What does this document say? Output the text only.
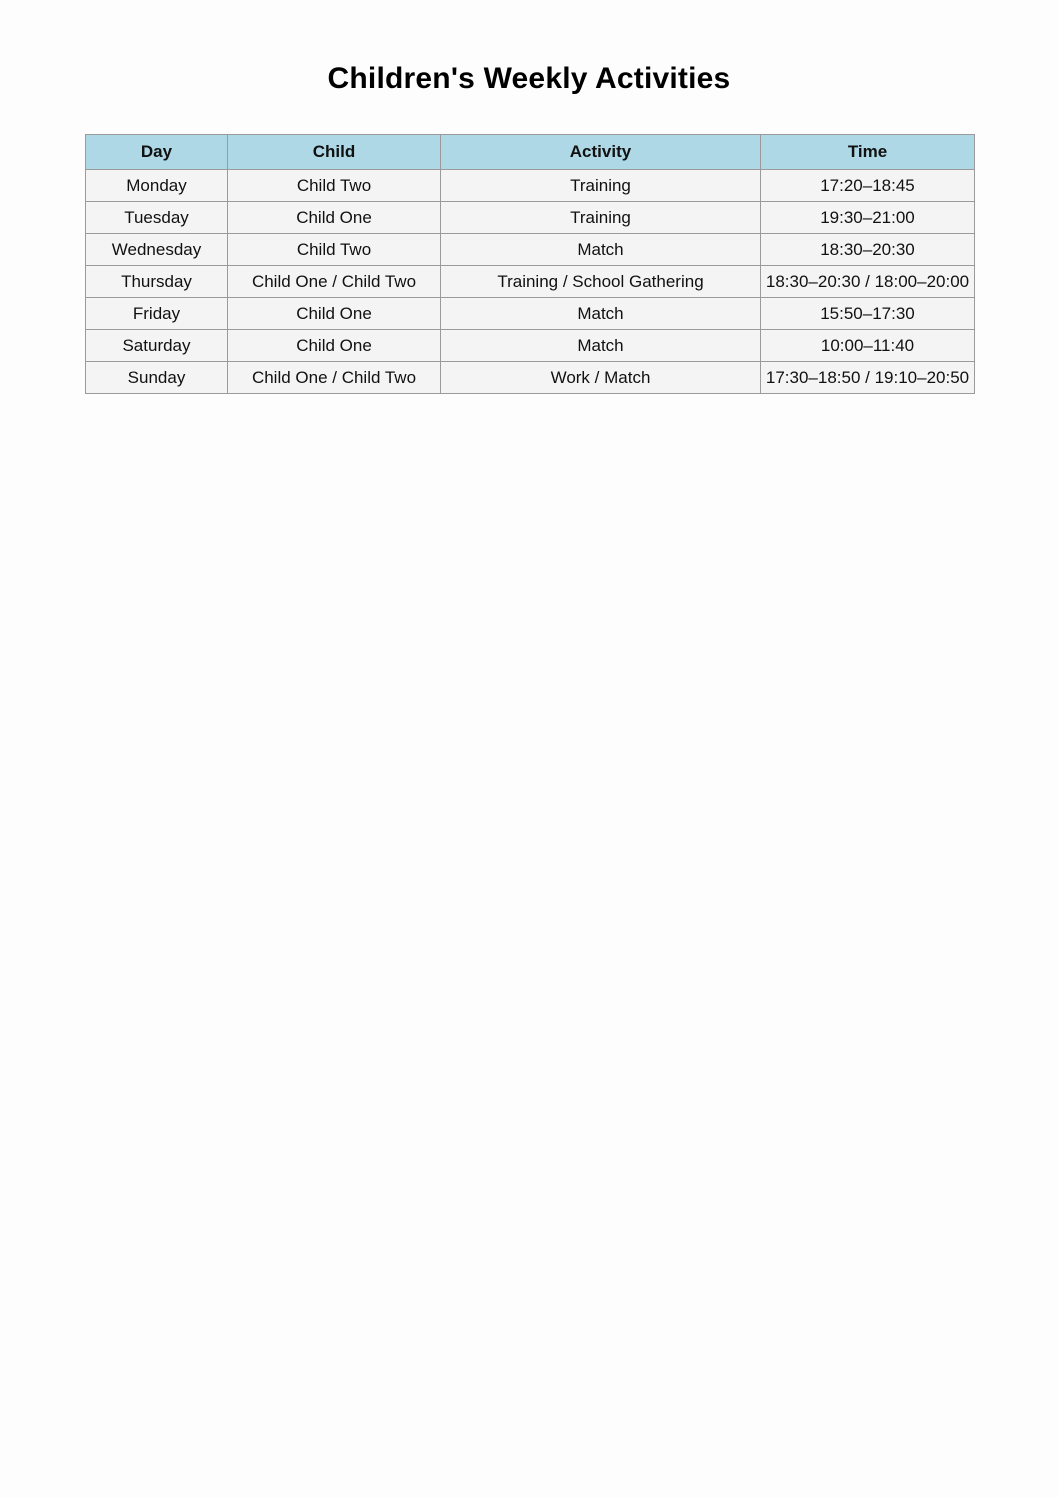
Children's Weekly Activities
Day	Child	Activity	Time
Monday	Child Two	Training	17:20–18:45
Tuesday	Child One	Training	19:30–21:00
Wednesday	Child Two	Match	18:30–20:30
Thursday	Child One / Child Two	Training / School Gathering	18:30–20:30 / 18:00–20:00
Friday	Child One	Match	15:50–17:30
Saturday	Child One	Match	10:00–11:40
Sunday	Child One / Child Two	Work / Match	17:30–18:50 / 19:10–20:50
